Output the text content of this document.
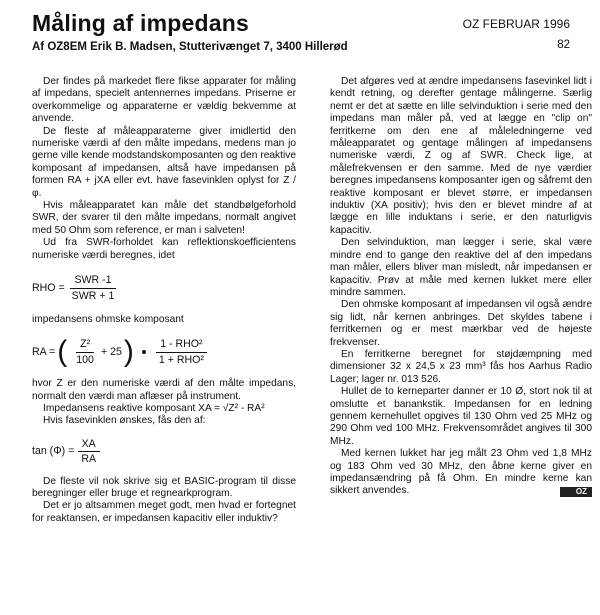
Måling af impedans
Af OZ8EM Erik B. Madsen, Stutterivænget 7, 3400 Hillerød
OZ FEBRUAR 1996
82

Der findes på markedet flere fikse apparater for måling af impedans, specielt antennernes impedans. Priserne er overkommelige og apparaterne er vældig bekvemme at anvende.

De fleste af måleapparaterne giver imidlertid den numeriske værdi af den målte impedans, medens man jo gerne ville kende modstandskomposanten og den reaktive komposant af impedansen, altså have impedansen på formen RA + jXA eller evt. have fasevinklen oplyst for Z / φ.

Hvis måleapparatet kan måle det standbølgeforhold SWR, der svarer til den målte impedans, normalt angivet med 50 Ohm som reference, er man i salveten!

Ud fra SWR-forholdet kan reflektionskoefficientens numeriske værdi beregnes, idet

RHO = $\frac{\text{SWR -1}}{\text{SWR + 1}}$

impedansens ohmske komposant

RA = ( $\frac{\text{Z²}}{100} + 25$ ) $\frac{\text{1 - RHO²}}{\text{1 + RHO²}}$

hvor Z er den numeriske værdi af den målte impedans, normalt den værdi man aflæser på instrument.

Impedansens reaktive komposant XA = √Z² - RA²

Hvis fasevinklen ønskes, fås den af:

$\tan (\Phi) = \frac{XA}{RA}$

De fleste vil nok skrive sig et BASIC-program til disse beregninger eller bruge et regnearkprogram.

Det er jo altsammen meget godt, men hvad er fortegnet for reaktansen, er impedansen kapacitiv eller induktiv?

Det afgøres ved at ændre impedansens fasevinkel lidt i kendt retning, og derefter gentage målingerne. Særlig nemt er det at sætte en lille selvinduktion i serie med den impedans man måler på, ved at lægge en "clip on" ferritkerne om den ene af måleledningerne ved måleapparatet og gentage målingen af impedansens numeriske værdi, Z og af SWR. Check lige, at målefrekvensen er den samme. Med de nye værdier beregnes impedansens komposanter igen og såfremt den reaktive komposant er blevet større, er impedansen induktiv (XA positiv); hvis den er blevet mindre af at lægge en lille induktans i serie, er den naturligvis kapacitiv.

Den selvinduktion, man lægger i serie, skal være mindre end to gange den reaktive del af den impedans man måler, ellers bliver man misledt, når impedansen er kapacitiv. Prøv at måle med kernen lukket mere eller mindre sammen.

Den ohmske komposant af impedansen vil også ændre sig lidt, når kernen anbringes. Det skyldes tabene i ferritkernen og er mest mærkbar ved de højeste frekvenser.

En ferritkerne beregnet for støjdæmpning med dimensioner 32 x 24,5 x 23 mm³ fås hos Aarhus Radio Lager; lager nr. 013 526.

Hullet de to kerneparter danner er 10 Ø, stort nok til at omslutte et banankstik. Impedansen for en ledning gennem kernehullet opgives til 130 Ohm ved 25 MHz og 290 Ohm ved 100 MHz. Frekvensområdet angives til 300 MHz.

Med kernen lukket har jeg målt 23 Ohm ved 1,8 MHz og 183 Ohm ved 30 MHz, den åbne kerne giver en impedansændring på få Ohm. En mindre kerne kan sikkert anvendes.	OZ
